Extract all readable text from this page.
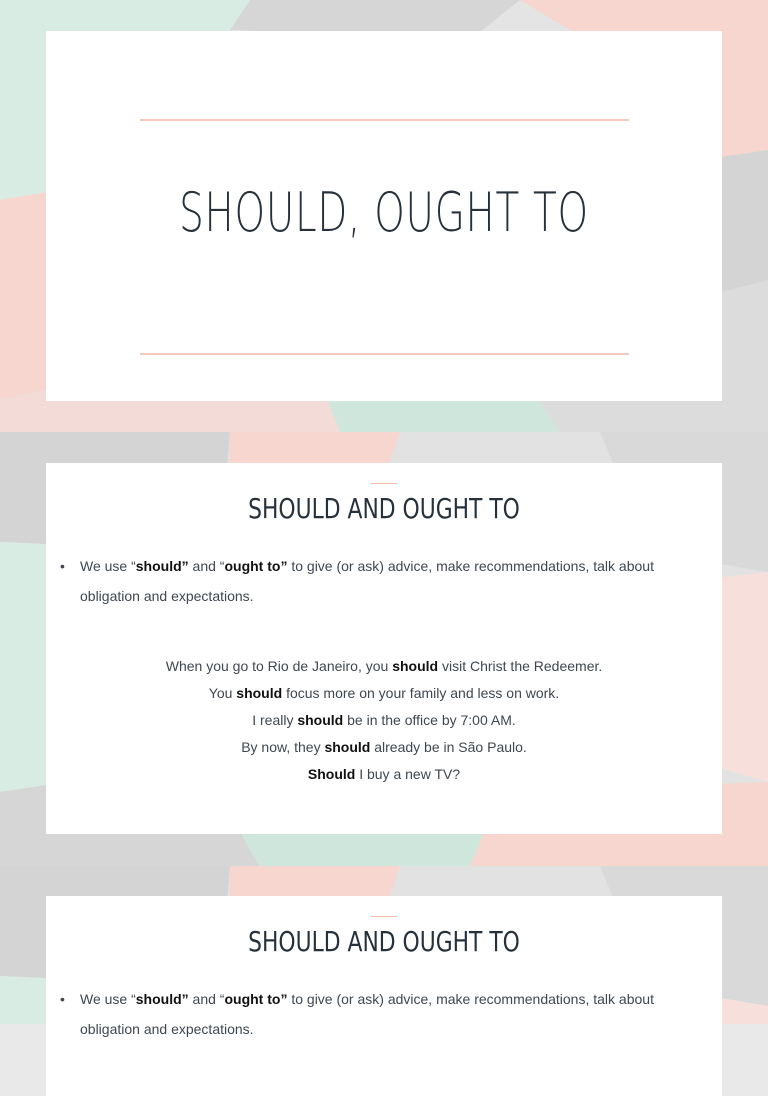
SHOULD, OUGHT TO
SHOULD AND OUGHT TO
• We use “should” and “ought to” to give (or ask) advice, make recommendations, talk about obligation and expectations.
When you go to Rio de Janeiro, you should visit Christ the Redeemer.
You should focus more on your family and less on work.
I really should be in the office by 7:00 AM.
By now, they should already be in São Paulo.
Should I buy a new TV?
SHOULD AND OUGHT TO
• We use “should” and “ought to” to give (or ask) advice, make recommendations, talk about obligation and expectations.
